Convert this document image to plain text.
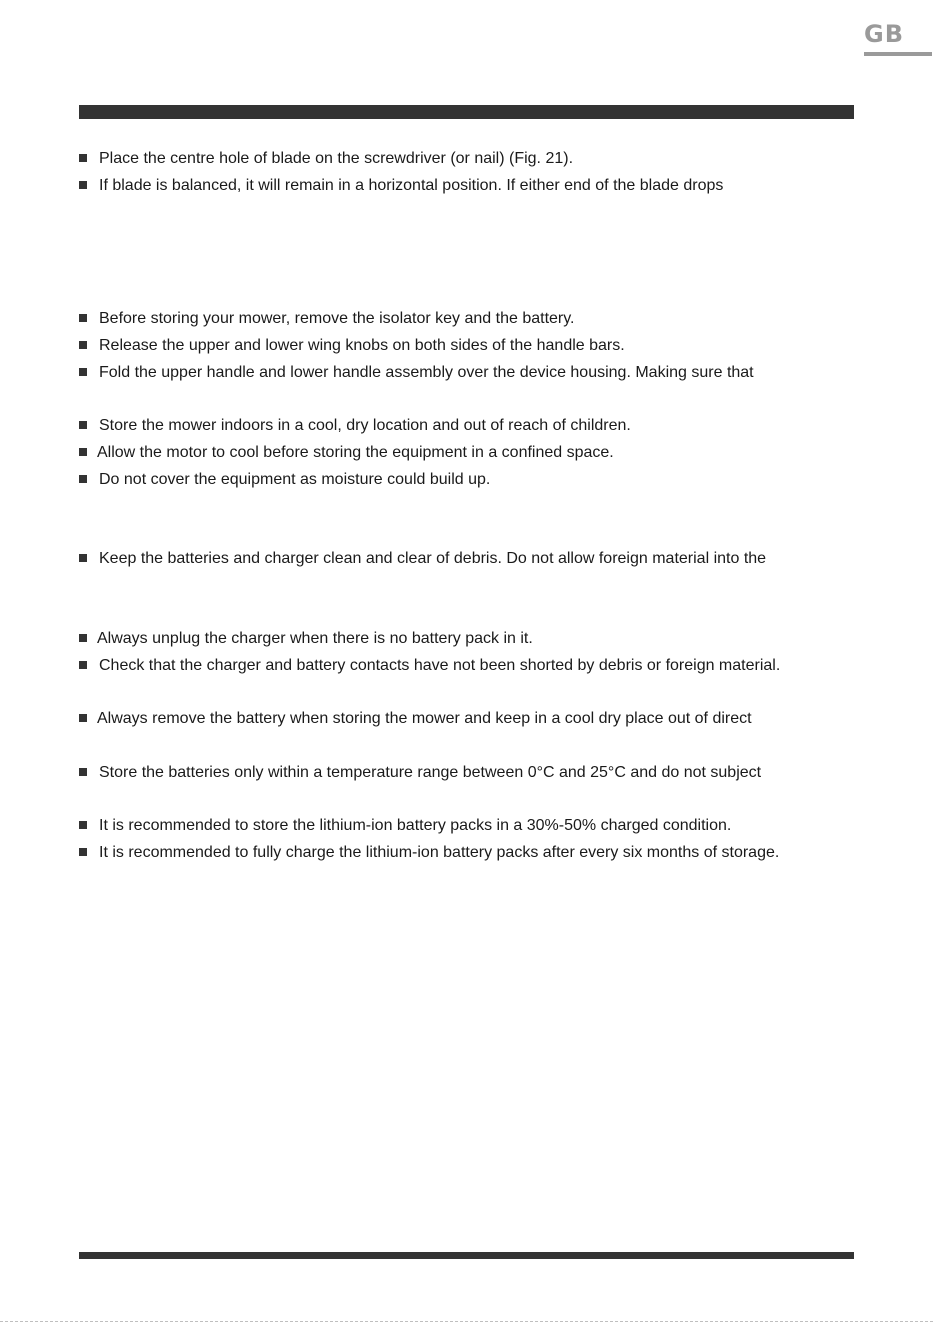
GB
Place the centre hole of blade on the screwdriver (or nail) (Fig. 21).
If blade is balanced, it will remain in a horizontal position. If either end of the blade drops
Before storing your mower, remove the isolator key and the battery.
Release the upper and lower wing knobs on both sides of the handle bars.
Fold the upper handle and lower handle assembly over the device housing. Making sure that
Store the mower indoors in a cool, dry location and out of reach of children.
Allow the motor to cool before storing the equipment in a confined space.
Do not cover the equipment as moisture could build up.
Keep the batteries and charger clean and clear of debris. Do not allow foreign material into the
Always unplug the charger when there is no battery pack in it.
Check that the charger and battery contacts have not been shorted by debris or foreign material.
Always remove the battery when storing the mower and keep in a cool dry place out of direct
Store the batteries only within a temperature range between 0°C and 25°C and do not subject
It is recommended to store the lithium-ion battery packs in a 30%-50% charged condition.
It is recommended to fully charge the lithium-ion battery packs after every six months of storage.
